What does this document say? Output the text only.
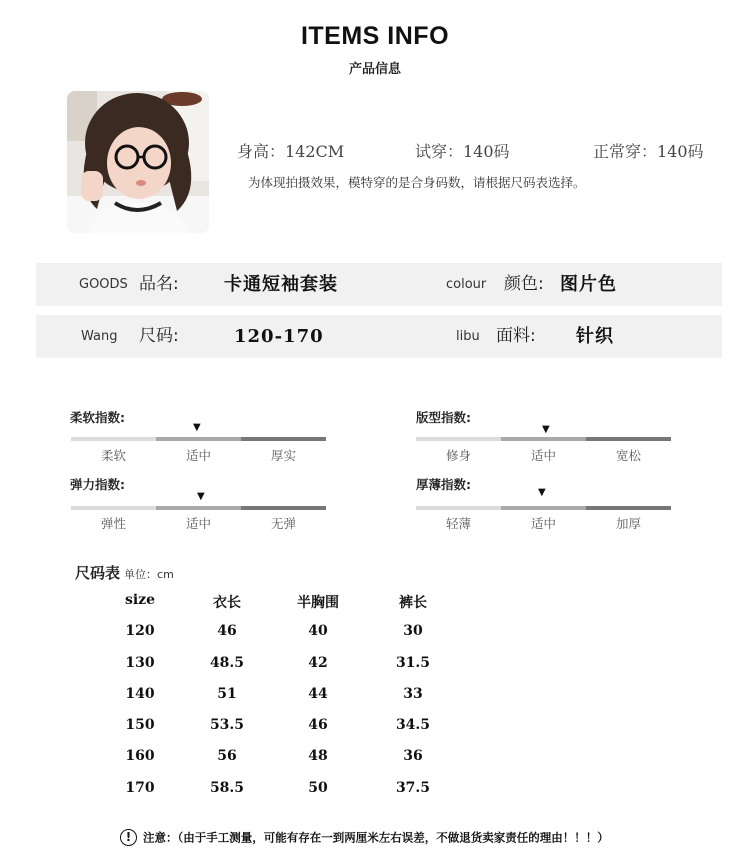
ITEMS INFO
产品信息
身高：142CM	试穿：140码	正常穿：140码
为体现拍摄效果，模特穿的是合身码数，请根据尺码表选择。
GOODS 品名:	卡通短袖套装	colour 颜色: 图片色
Wang 尺码:	120-170	libu 面料: 针织
柔软指数:
▼
柔软	适中	厚实
版型指数:
▼
修身	适中	宽松
弹力指数:
▼
弹性	适中	无弹
厚薄指数:
▼
轻薄	适中	加厚
尺码表 单位：cm
size	衣长	半胸围	裤长
120	46	40	30
130	48.5	42	31.5
140	51	44	33
150	53.5	46	34.5
160	56	48	36
170	58.5	50	37.5
! 注意：（由于手工测量，可能有存在一到两厘米左右误差，不做退货卖家责任的理由！！！）
